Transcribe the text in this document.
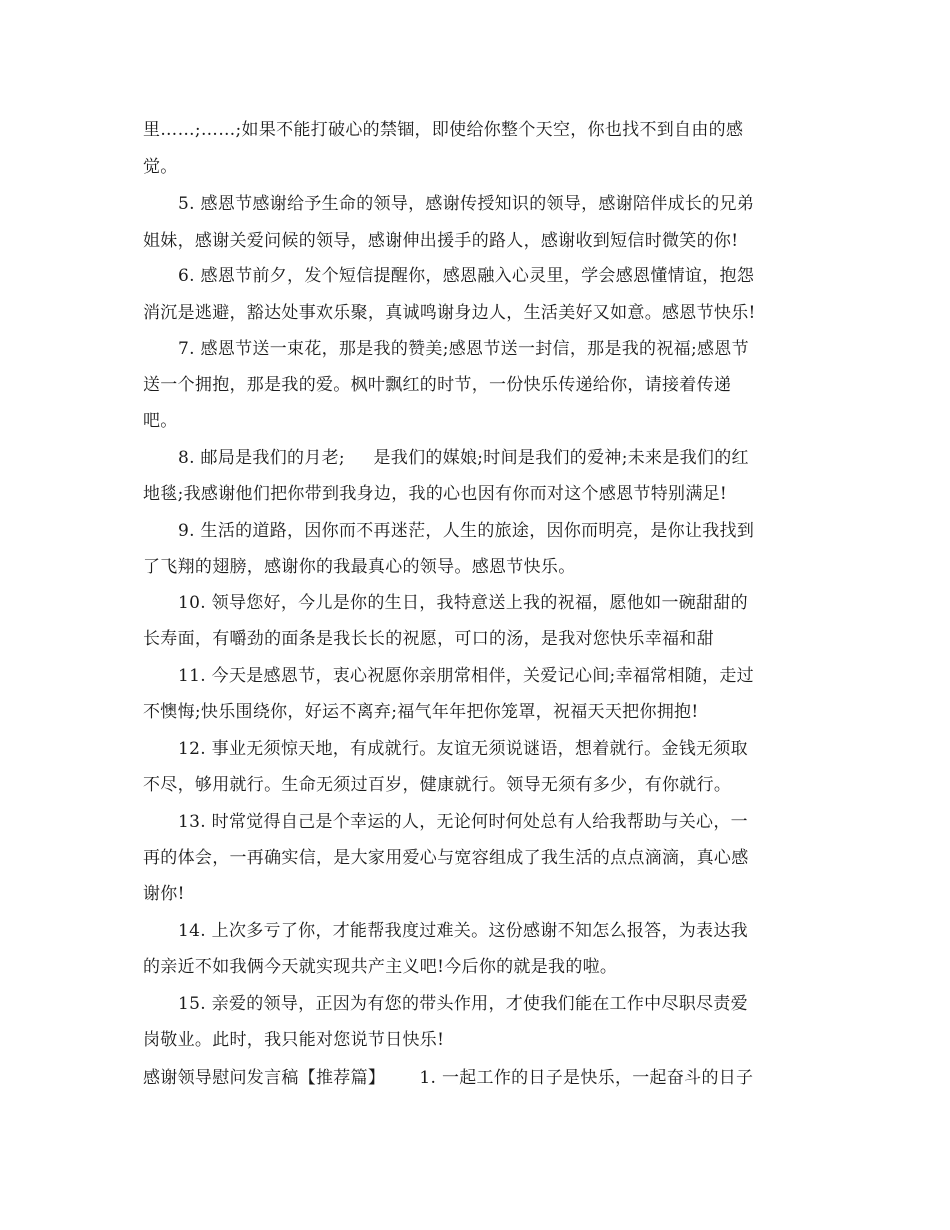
里……;……;如果不能打破心的禁锢，即使给你整个天空，你也找不到自由的感
觉。
5. 感恩节感谢给予生命的领导，感谢传授知识的领导，感谢陪伴成长的兄弟
姐妹，感谢关爱问候的领导，感谢伸出援手的路人，感谢收到短信时微笑的你!
6. 感恩节前夕，发个短信提醒你，感恩融入心灵里，学会感恩懂情谊，抱怨
消沉是逃避，豁达处事欢乐聚，真诚鸣谢身边人，生活美好又如意。感恩节快乐!
7. 感恩节送一束花，那是我的赞美;感恩节送一封信，那是我的祝福;感恩节
送一个拥抱，那是我的爱。枫叶飘红的时节，一份快乐传递给你，请接着传递
吧。
8. 邮局是我们的月老;     是我们的媒娘;时间是我们的爱神;未来是我们的红
地毯;我感谢他们把你带到我身边，我的心也因有你而对这个感恩节特别满足!
9. 生活的道路，因你而不再迷茫，人生的旅途，因你而明亮，是你让我找到
了飞翔的翅膀，感谢你的我最真心的领导。感恩节快乐。
10. 领导您好，今儿是你的生日，我特意送上我的祝福，愿他如一碗甜甜的
长寿面，有嚼劲的面条是我长长的祝愿，可口的汤，是我对您快乐幸福和甜
11. 今天是感恩节，衷心祝愿你亲朋常相伴，关爱记心间;幸福常相随，走过
不懊悔;快乐围绕你，好运不离弃;福气年年把你笼罩，祝福天天把你拥抱!
12. 事业无须惊天地，有成就行。友谊无须说谜语，想着就行。金钱无须取
不尽，够用就行。生命无须过百岁，健康就行。领导无须有多少，有你就行。
13. 时常觉得自己是个幸运的人，无论何时何处总有人给我帮助与关心，一
再的体会，一再确实信，是大家用爱心与宽容组成了我生活的点点滴滴，真心感
谢你!
14. 上次多亏了你，才能帮我度过难关。这份感谢不知怎么报答，为表达我
的亲近不如我俩今天就实现共产主义吧!今后你的就是我的啦。
15. 亲爱的领导，正因为有您的带头作用，才使我们能在工作中尽职尽责爱
岗敬业。此时，我只能对您说节日快乐!
感谢领导慰问发言稿【推荐篇】      1. 一起工作的日子是快乐，一起奋斗的日子
